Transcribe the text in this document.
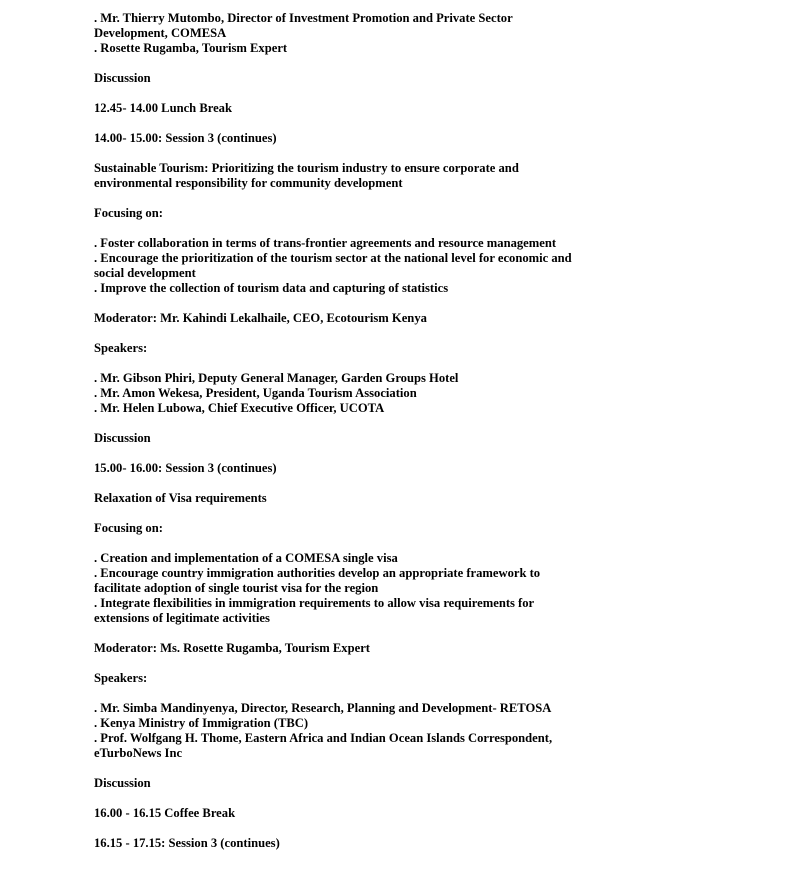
. Mr. Thierry Mutombo, Director of Investment Promotion and Private Sector
Development, COMESA
. Rosette Rugamba, Tourism Expert
Discussion
12.45- 14.00 Lunch Break
14.00- 15.00: Session 3 (continues)
Sustainable Tourism: Prioritizing the tourism industry to ensure corporate and
environmental responsibility for community development
Focusing on:
. Foster collaboration in terms of trans-frontier agreements and resource management
. Encourage the prioritization of the tourism sector at the national level for economic and
social development
. Improve the collection of tourism data and capturing of statistics
Moderator: Mr. Kahindi Lekalhaile, CEO, Ecotourism Kenya
Speakers:
. Mr. Gibson Phiri, Deputy General Manager, Garden Groups Hotel
. Mr. Amon Wekesa, President, Uganda Tourism Association
. Mr. Helen Lubowa, Chief Executive Officer, UCOTA
Discussion
15.00- 16.00: Session 3 (continues)
Relaxation of Visa requirements
Focusing on:
. Creation and implementation of a COMESA single visa
. Encourage country immigration authorities develop an appropriate framework to
facilitate adoption of single tourist visa for the region
. Integrate flexibilities in immigration requirements to allow visa requirements for
extensions of legitimate activities
Moderator: Ms. Rosette Rugamba, Tourism Expert
Speakers:
. Mr. Simba Mandinyenya, Director, Research, Planning and Development- RETOSA
. Kenya Ministry of Immigration (TBC)
. Prof. Wolfgang H. Thome, Eastern Africa and Indian Ocean Islands Correspondent,
eTurboNews Inc
Discussion
16.00 - 16.15 Coffee Break
16.15 - 17.15: Session 3 (continues)
